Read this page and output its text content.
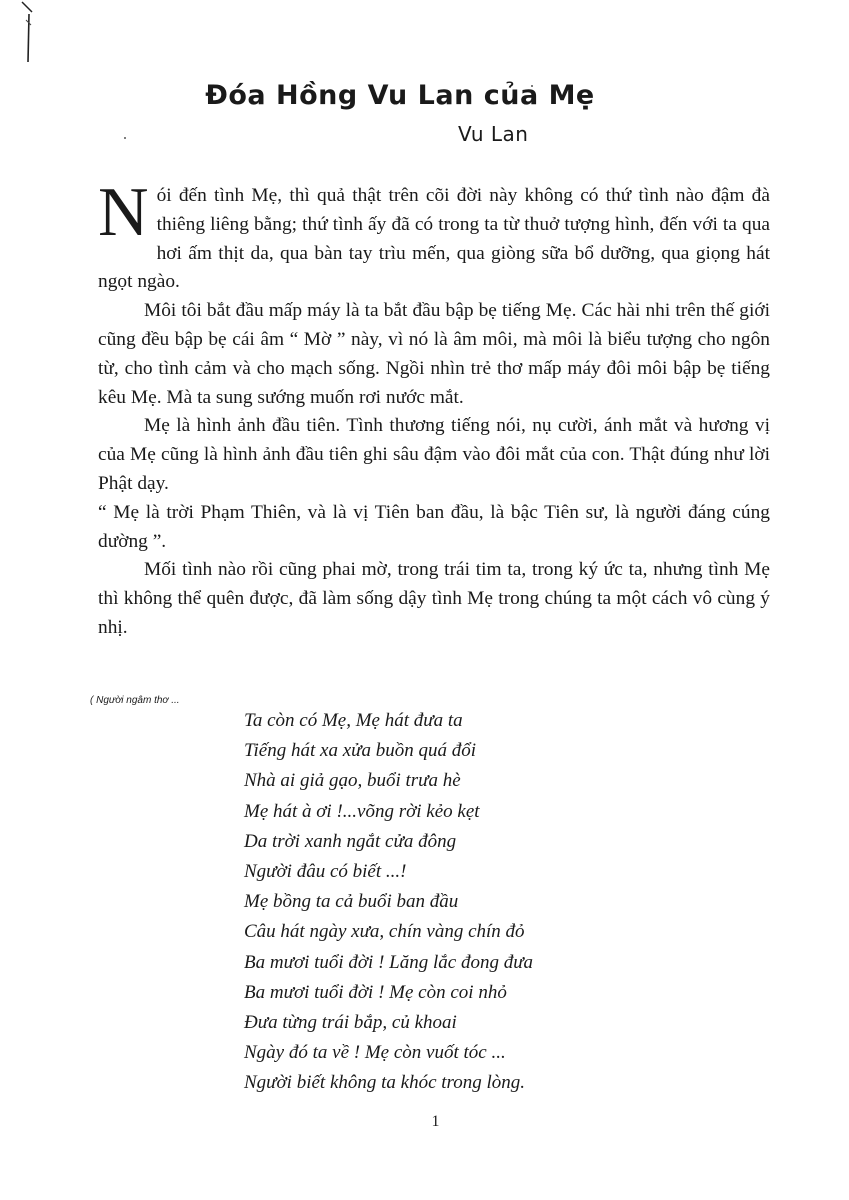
Đóa Hồng Vu Lan của Mẹ
Vu Lan

Nói đến tình Mẹ, thì quả thật trên cõi đời này không có thứ tình nào đậm đà thiêng liêng bằng; thứ tình ấy đã có trong ta từ thuở tượng hình, đến với ta qua hơi ấm thịt da, qua bàn tay trìu mến, qua giòng sữa bổ dưỡng, qua giọng hát ngọt ngào.

Môi tôi bắt đầu mấp máy là ta bắt đầu bập bẹ tiếng Mẹ. Các hài nhi trên thế giới cũng đều bập bẹ cái âm “ Mờ ” này, vì nó là âm môi, mà môi là biểu tượng cho ngôn từ, cho tình cảm và cho mạch sống. Ngồi nhìn trẻ thơ mấp máy đôi môi bập bẹ tiếng kêu Mẹ. Mà ta sung sướng muốn rơi nước mắt.

Mẹ là hình ảnh đầu tiên. Tình thương tiếng nói, nụ cười, ánh mắt và hương vị của Mẹ cũng là hình ảnh đầu tiên ghi sâu đậm vào đôi mắt của con. Thật đúng như lời Phật dạy.

“ Mẹ là trời Phạm Thiên, và là vị Tiên ban đầu, là bậc Tiên sư, là người đáng cúng dường ”.

Mối tình nào rồi cũng phai mờ, trong trái tim ta, trong ký ức ta, nhưng tình Mẹ thì không thể quên được, đã làm sống dậy tình Mẹ trong chúng ta một cách vô cùng ý nhị.

( Người ngâm thơ ...
Ta còn có Mẹ, Mẹ hát đưa ta
Tiếng hát xa xửa buồn quá đổi
Nhà ai giả gạo, buổi trưa hè
Mẹ hát à ơi !...võng rời kẻo kẹt
Da trời xanh ngắt cửa đông
Người đâu có biết ...!
Mẹ bồng ta cả buổi ban đầu
Câu hát ngày xưa, chín vàng chín đỏ
Ba mươi tuổi đời ! Lăng lắc đong đưa
Ba mươi tuổi đời ! Mẹ còn coi nhỏ
Đưa từng trái bắp, củ khoai
Ngày đó ta về ! Mẹ còn vuốt tóc ...
Người biết không ta khóc trong lòng.
1
